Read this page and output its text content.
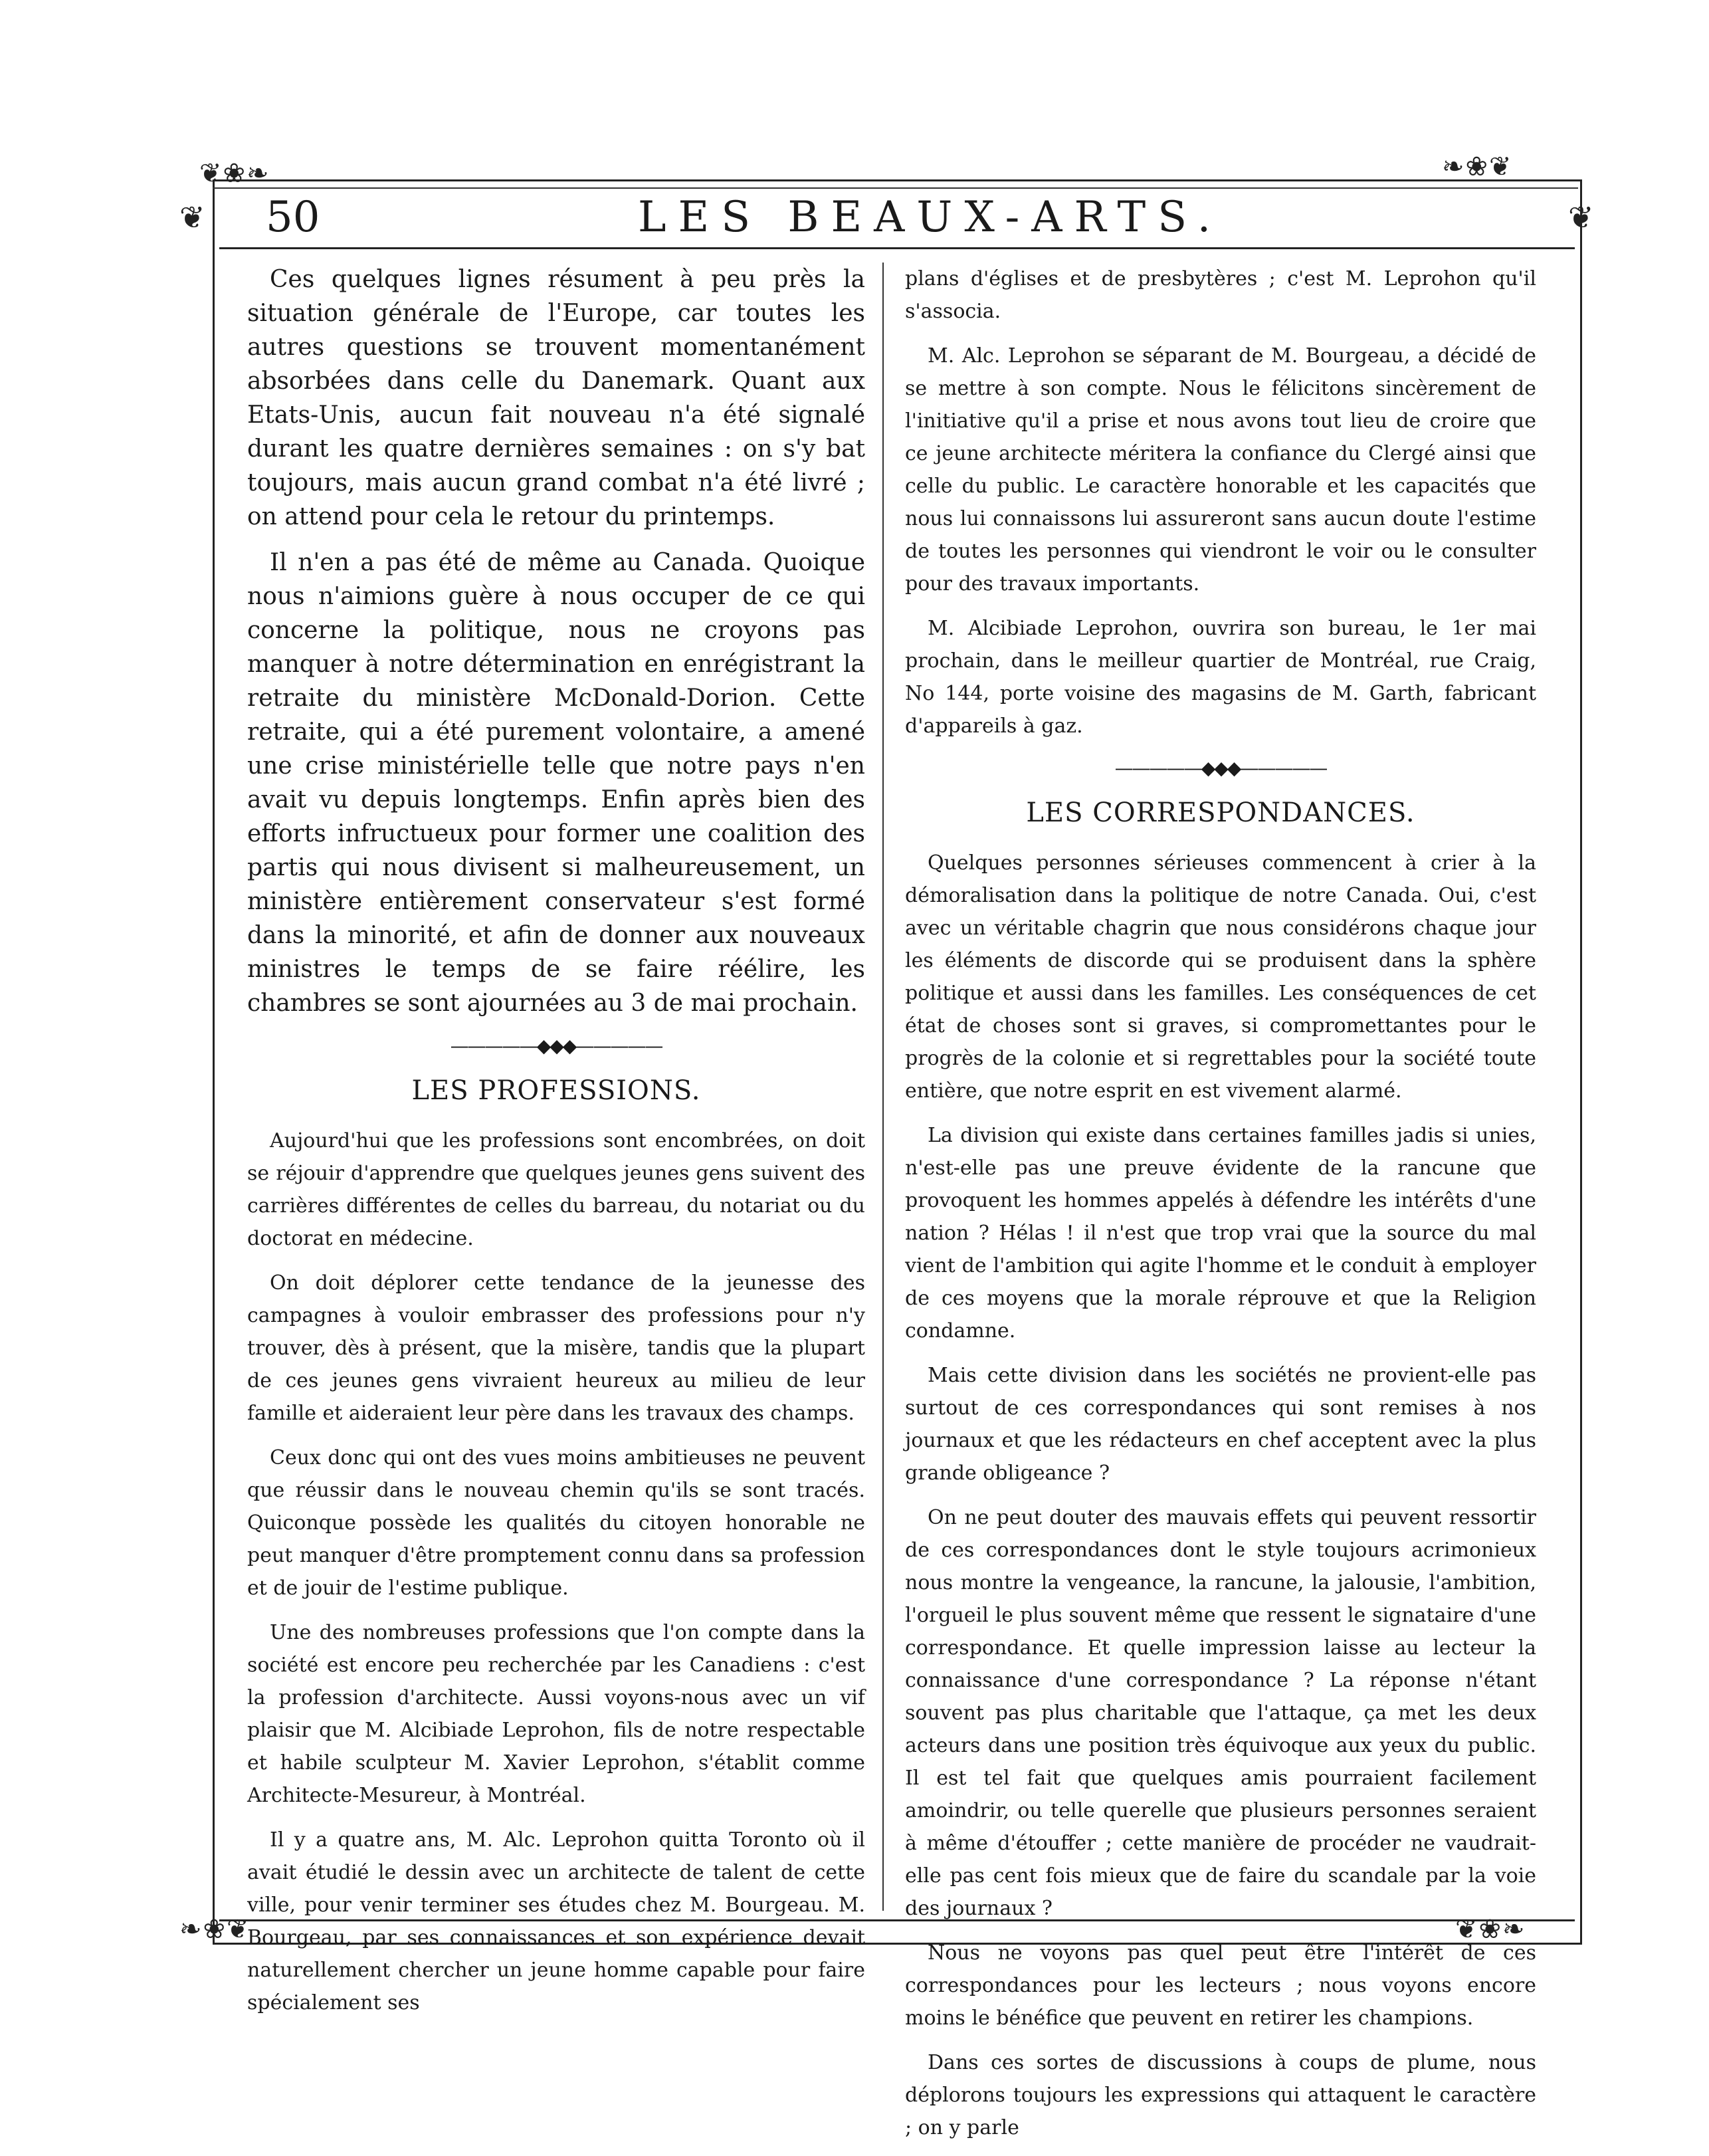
❦❀❧	❧❀❦
❦	❦
❧❀❦	❦❀❧
50	LES BEAUX-ARTS.

Ces quelques lignes résument à peu près la situation générale de l'Europe, car toutes les autres questions se trouvent momentanément absorbées dans celle du Danemark. Quant aux Etats-Unis, aucun fait nouveau n'a été signalé durant les quatre dernières semaines : on s'y bat toujours, mais aucun grand combat n'a été livré ; on attend pour cela le retour du printemps.

Il n'en a pas été de même au Canada. Quoique nous n'aimions guère à nous occuper de ce qui concerne la politique, nous ne croyons pas manquer à notre détermination en enrégistrant la retraite du ministère McDonald-Dorion. Cette retraite, qui a été purement volontaire, a amené une crise ministérielle telle que notre pays n'en avait vu depuis longtemps. Enfin après bien des efforts infructueux pour former une coalition des partis qui nous divisent si malheureusement, un ministère entièrement conservateur s'est formé dans la minorité, et afin de donner aux nouveaux ministres le temps de se faire réélire, les chambres se sont ajournées au 3 de mai prochain.

—————◆◆◆—————
LES PROFESSIONS.

Aujourd'hui que les professions sont encombrées, on doit se réjouir d'apprendre que quelques jeunes gens suivent des carrières différentes de celles du barreau, du notariat ou du doctorat en médecine.

On doit déplorer cette tendance de la jeunesse des campagnes à vouloir embrasser des professions pour n'y trouver, dès à présent, que la misère, tandis que la plupart de ces jeunes gens vivraient heureux au milieu de leur famille et aideraient leur père dans les travaux des champs.

Ceux donc qui ont des vues moins ambitieuses ne peuvent que réussir dans le nouveau chemin qu'ils se sont tracés. Quiconque possède les qualités du citoyen honorable ne peut manquer d'être promptement connu dans sa profession et de jouir de l'estime publique.

Une des nombreuses professions que l'on compte dans la société est encore peu recherchée par les Canadiens : c'est la profession d'architecte. Aussi voyons-nous avec un vif plaisir que M. Alcibiade Leprohon, fils de notre respectable et habile sculpteur M. Xavier Leprohon, s'établit comme Architecte-Mesureur, à Montréal.

Il y a quatre ans, M. Alc. Leprohon quitta Toronto où il avait étudié le dessin avec un architecte de talent de cette ville, pour venir terminer ses études chez M. Bourgeau. M. Bourgeau, par ses connaissances et son expérience devait naturellement chercher un jeune homme capable pour faire spécialement ses

plans d'églises et de presbytères ; c'est M. Leprohon qu'il s'associa.

M. Alc. Leprohon se séparant de M. Bourgeau, a décidé de se mettre à son compte. Nous le félicitons sincèrement de l'initiative qu'il a prise et nous avons tout lieu de croire que ce jeune architecte méritera la confiance du Clergé ainsi que celle du public. Le caractère honorable et les capacités que nous lui connaissons lui assureront sans aucun doute l'estime de toutes les personnes qui viendront le voir ou le consulter pour des travaux importants.

M. Alcibiade Leprohon, ouvrira son bureau, le 1er mai prochain, dans le meilleur quartier de Montréal, rue Craig, No 144, porte voisine des magasins de M. Garth, fabricant d'appareils à gaz.

—————◆◆◆—————
LES CORRESPONDANCES.

Quelques personnes sérieuses commencent à crier à la démoralisation dans la politique de notre Canada. Oui, c'est avec un véritable chagrin que nous considérons chaque jour les éléments de discorde qui se produisent dans la sphère politique et aussi dans les familles. Les conséquences de cet état de choses sont si graves, si compromettantes pour le progrès de la colonie et si regrettables pour la société toute entière, que notre esprit en est vivement alarmé.

La division qui existe dans certaines familles jadis si unies, n'est-elle pas une preuve évidente de la rancune que provoquent les hommes appelés à défendre les intérêts d'une nation ? Hélas ! il n'est que trop vrai que la source du mal vient de l'ambition qui agite l'homme et le conduit à employer de ces moyens que la morale réprouve et que la Religion condamne.

Mais cette division dans les sociétés ne provient-elle pas surtout de ces correspondances qui sont remises à nos journaux et que les rédacteurs en chef acceptent avec la plus grande obligeance ?

On ne peut douter des mauvais effets qui peuvent ressortir de ces correspondances dont le style toujours acrimonieux nous montre la vengeance, la rancune, la jalousie, l'ambition, l'orgueil le plus souvent même que ressent le signataire d'une correspondance. Et quelle impression laisse au lecteur la connaissance d'une correspondance ? La réponse n'étant souvent pas plus charitable que l'attaque, ça met les deux acteurs dans une position très équivoque aux yeux du public. Il est tel fait que quelques amis pourraient facilement amoindrir, ou telle querelle que plusieurs personnes seraient à même d'étouffer ; cette manière de procéder ne vaudrait-elle pas cent fois mieux que de faire du scandale par la voie des journaux ?

Nous ne voyons pas quel peut être l'intérêt de ces correspondances pour les lecteurs ; nous voyons encore moins le bénéfice que peuvent en retirer les champions.

Dans ces sortes de discussions à coups de plume, nous déplorons toujours les expressions qui attaquent le caractère ; on y parle
